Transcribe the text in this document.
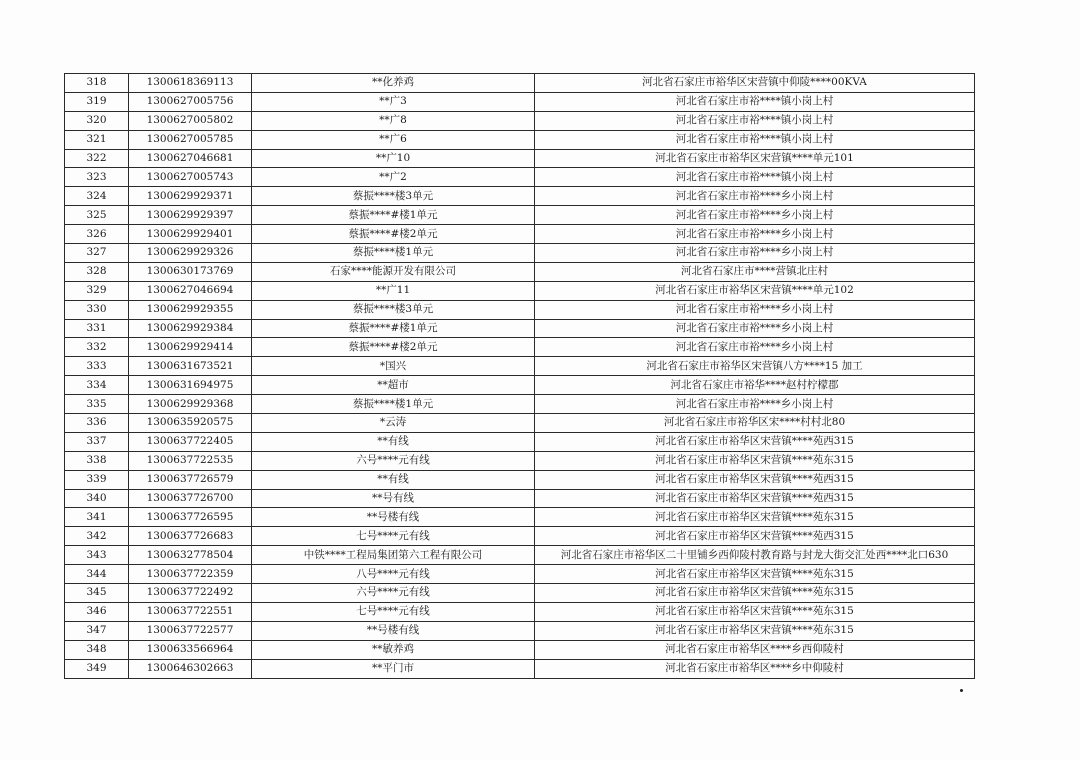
318	1300618369113	**化养鸡	河北省石家庄市裕华区宋营镇中仰陵****00KVA
319	1300627005756	**广3	河北省石家庄市裕****镇小岗上村
320	1300627005802	**广8	河北省石家庄市裕****镇小岗上村
321	1300627005785	**广6	河北省石家庄市裕****镇小岗上村
322	1300627046681	**广10	河北省石家庄市裕华区宋营镇****单元101
323	1300627005743	**广2	河北省石家庄市裕****镇小岗上村
324	1300629929371	蔡振****楼3单元	河北省石家庄市裕****乡小岗上村
325	1300629929397	蔡振****#楼1单元	河北省石家庄市裕****乡小岗上村
326	1300629929401	蔡振****#楼2单元	河北省石家庄市裕****乡小岗上村
327	1300629929326	蔡振****楼1单元	河北省石家庄市裕****乡小岗上村
328	1300630173769	石家****能源开发有限公司	河北省石家庄市****营镇北庄村
329	1300627046694	**广11	河北省石家庄市裕华区宋营镇****单元102
330	1300629929355	蔡振****楼3单元	河北省石家庄市裕****乡小岗上村
331	1300629929384	蔡振****#楼1单元	河北省石家庄市裕****乡小岗上村
332	1300629929414	蔡振****#楼2单元	河北省石家庄市裕****乡小岗上村
333	1300631673521	*国兴	河北省石家庄市裕华区宋营镇八方****15 加工
334	1300631694975	**超市	河北省石家庄市裕华****赵村柠檬郡
335	1300629929368	蔡振****楼1单元	河北省石家庄市裕****乡小岗上村
336	1300635920575	*云涛	河北省石家庄市裕华区宋****村村北80
337	1300637722405	**有线	河北省石家庄市裕华区宋营镇****苑西315
338	1300637722535	六号****元有线	河北省石家庄市裕华区宋营镇****苑东315
339	1300637726579	**有线	河北省石家庄市裕华区宋营镇****苑西315
340	1300637726700	**号有线	河北省石家庄市裕华区宋营镇****苑西315
341	1300637726595	**号楼有线	河北省石家庄市裕华区宋营镇****苑东315
342	1300637726683	七号****元有线	河北省石家庄市裕华区宋营镇****苑西315
343	1300632778504	中铁****工程局集团第六工程有限公司	河北省石家庄市裕华区二十里铺乡西仰陵村教育路与封龙大街交汇处西****北口630
344	1300637722359	八号****元有线	河北省石家庄市裕华区宋营镇****苑东315
345	1300637722492	六号****元有线	河北省石家庄市裕华区宋营镇****苑东315
346	1300637722551	七号****元有线	河北省石家庄市裕华区宋营镇****苑东315
347	1300637722577	**号楼有线	河北省石家庄市裕华区宋营镇****苑东315
348	1300633566964	**敏养鸡	河北省石家庄市裕华区****乡西仰陵村
349	1300646302663	**平门市	河北省石家庄市裕华区****乡中仰陵村
